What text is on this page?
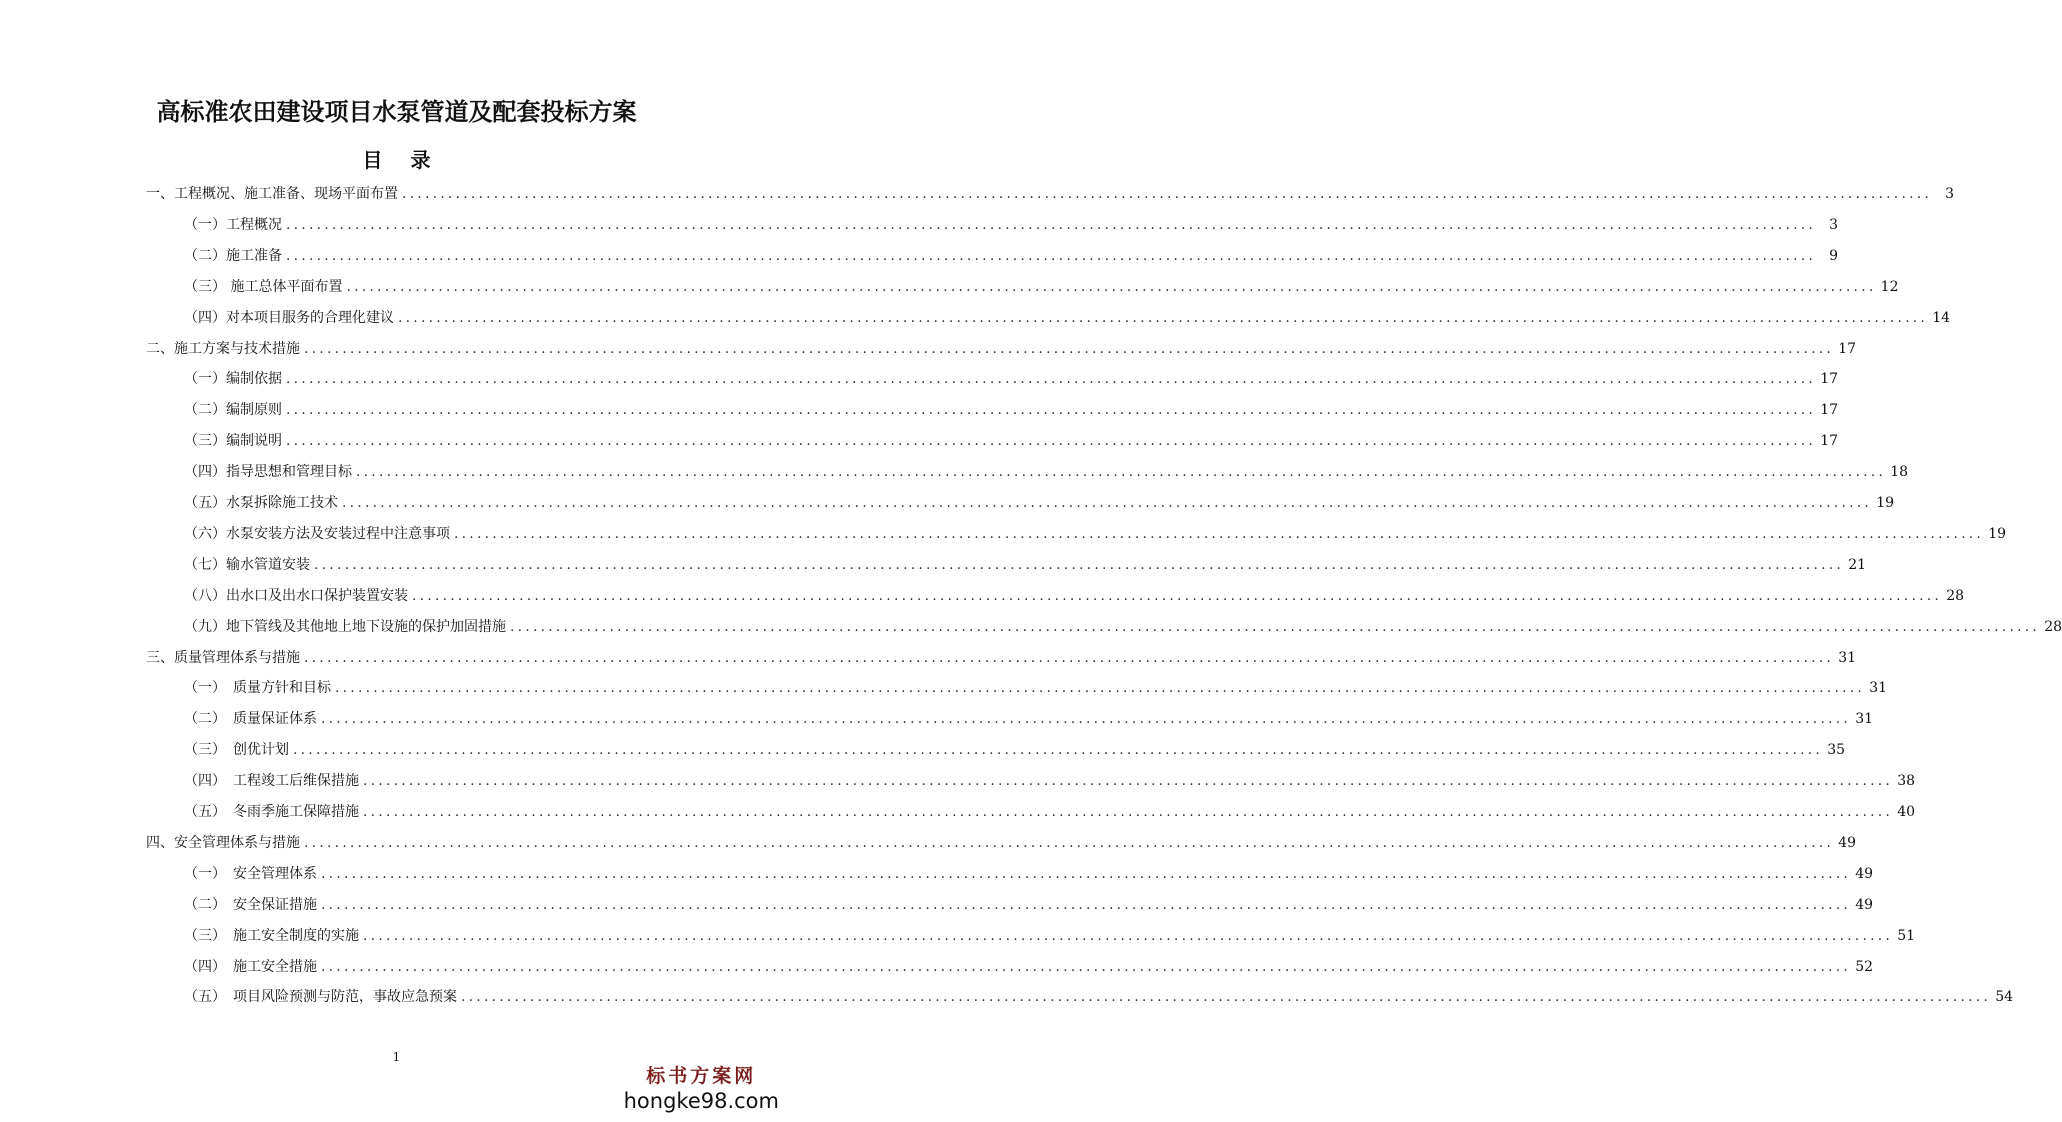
高标准农田建设项目水泵管道及配套投标方案
目 录
一、工程概况、施工准备、现场平面布置 ........................................................................................................................................................................................................ 3
（一）工程概况 ........................................................................................................................................................................................................ 3
（二）施工准备 ........................................................................................................................................................................................................ 9
（三） 施工总体平面布置 ........................................................................................................................................................................................................ 12
（四）对本项目服务的合理化建议 ........................................................................................................................................................................................................ 14
二、施工方案与技术措施 ........................................................................................................................................................................................................ 17
（一）编制依据 ........................................................................................................................................................................................................ 17
（二）编制原则 ........................................................................................................................................................................................................ 17
（三）编制说明 ........................................................................................................................................................................................................ 17
（四）指导思想和管理目标 ........................................................................................................................................................................................................ 18
（五）水泵拆除施工技术 ........................................................................................................................................................................................................ 19
（六）水泵安装方法及安装过程中注意事项 ........................................................................................................................................................................................................ 19
（七）输水管道安装 ........................................................................................................................................................................................................ 21
（八）出水口及出水口保护装置安装 ........................................................................................................................................................................................................ 28
（九）地下管线及其他地上地下设施的保护加固措施 ........................................................................................................................................................................................................ 28
三、质量管理体系与措施 ........................................................................................................................................................................................................ 31
（一）　质量方针和目标 ........................................................................................................................................................................................................ 31
（二）　质量保证体系 ........................................................................................................................................................................................................ 31
（三）　创优计划 ........................................................................................................................................................................................................ 35
（四）　工程竣工后维保措施 ........................................................................................................................................................................................................ 38
（五）　冬雨季施工保障措施 ........................................................................................................................................................................................................ 40
四、安全管理体系与措施 ........................................................................................................................................................................................................ 49
（一）　安全管理体系 ........................................................................................................................................................................................................ 49
（二）　安全保证措施 ........................................................................................................................................................................................................ 49
（三）　施工安全制度的实施 ........................................................................................................................................................................................................ 51
（四）　施工安全措施 ........................................................................................................................................................................................................ 52
（五）　项目风险预测与防范，事故应急预案 ........................................................................................................................................................................................................ 54
1
标书方案网
hongke98.com
